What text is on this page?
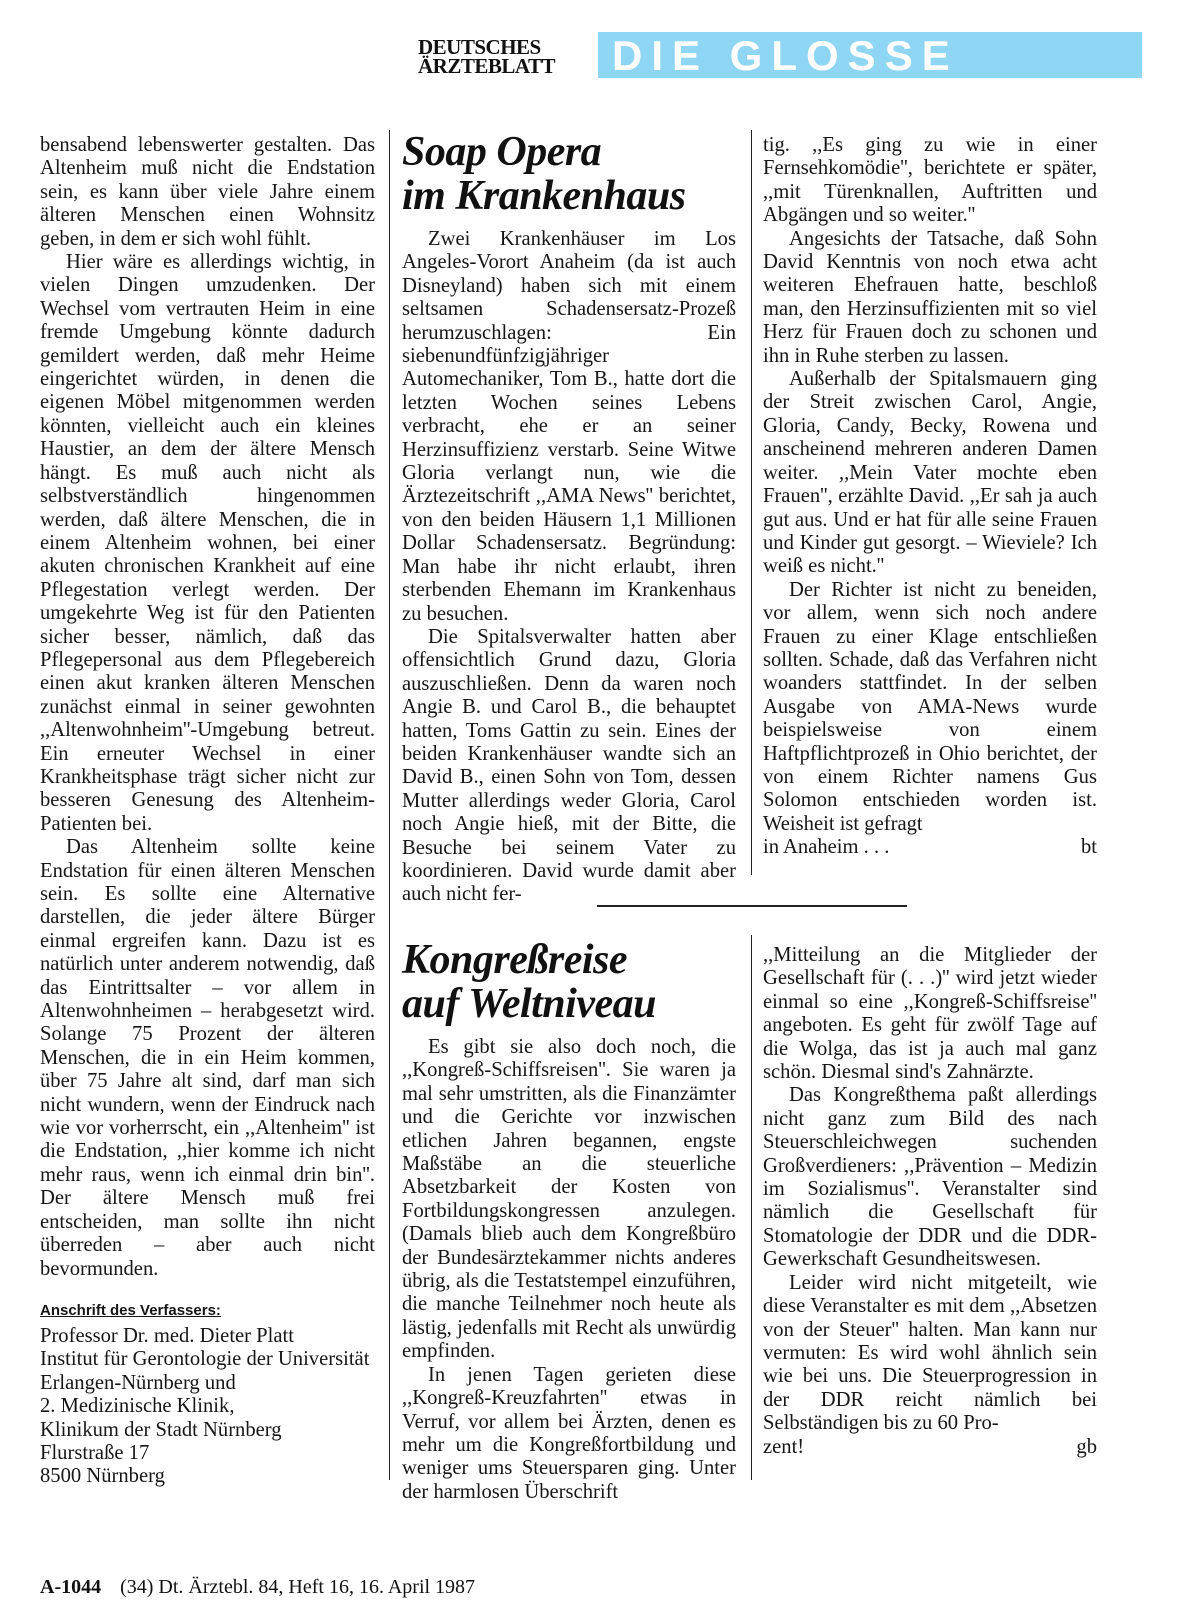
DEUTSCHES
ÄRZTEBLATT DIE GLOSSE

bensabend lebenswerter gestalten. Das Altenheim muß nicht die Endstation sein, es kann über viele Jahre einem älteren Menschen einen Wohnsitz geben, in dem er sich wohl fühlt.

Hier wäre es allerdings wichtig, in vielen Dingen umzudenken. Der Wechsel vom vertrauten Heim in eine fremde Umgebung könnte dadurch gemildert werden, daß mehr Heime eingerichtet würden, in denen die eigenen Möbel mitgenommen werden könnten, vielleicht auch ein kleines Haustier, an dem der ältere Mensch hängt. Es muß auch nicht als selbstverständlich hingenommen werden, daß ältere Menschen, die in einem Altenheim wohnen, bei einer akuten chronischen Krankheit auf eine Pflegestation verlegt werden. Der umgekehrte Weg ist für den Patienten sicher besser, nämlich, daß das Pflegepersonal aus dem Pflegebereich einen akut kranken älteren Menschen zunächst einmal in seiner gewohnten ,,Altenwohnheim''-Umgebung betreut. Ein erneuter Wechsel in einer Krankheitsphase trägt sicher nicht zur besseren Genesung des Altenheim-Patienten bei.

Das Altenheim sollte keine Endstation für einen älteren Menschen sein. Es sollte eine Alternative darstellen, die jeder ältere Bürger einmal ergreifen kann. Dazu ist es natürlich unter anderem notwendig, daß das Eintrittsalter – vor allem in Altenwohnheimen – herabgesetzt wird. Solange 75 Prozent der älteren Menschen, die in ein Heim kommen, über 75 Jahre alt sind, darf man sich nicht wundern, wenn der Eindruck nach wie vor vorherrscht, ein ,,Altenheim'' ist die Endstation, ,,hier komme ich nicht mehr raus, wenn ich einmal drin bin''. Der ältere Mensch muß frei entscheiden, man sollte ihn nicht überreden – aber auch nicht bevormunden.

Anschrift des Verfassers:
Professor Dr. med. Dieter Platt
Institut für Gerontologie der Universität Erlangen-Nürnberg und
2. Medizinische Klinik,
Klinikum der Stadt Nürnberg
Flurstraße 17
8500 Nürnberg
Soap Opera
im Krankenhaus

Zwei Krankenhäuser im Los Angeles-Vorort Anaheim (da ist auch Disneyland) haben sich mit einem seltsamen Schadensersatz-Prozeß herumzuschlagen: Ein siebenundfünfzigjähriger Automechaniker, Tom B., hatte dort die letzten Wochen seines Lebens verbracht, ehe er an seiner Herzinsuffizienz verstarb. Seine Witwe Gloria verlangt nun, wie die Ärztezeitschrift ,,AMA News'' berichtet, von den beiden Häusern 1,1 Millionen Dollar Schadensersatz. Begründung: Man habe ihr nicht erlaubt, ihren sterbenden Ehemann im Krankenhaus zu besuchen.

Die Spitalsverwalter hatten aber offensichtlich Grund dazu, Gloria auszuschließen. Denn da waren noch Angie B. und Carol B., die behauptet hatten, Toms Gattin zu sein. Eines der beiden Krankenhäuser wandte sich an David B., einen Sohn von Tom, dessen Mutter allerdings weder Gloria, Carol noch Angie hieß, mit der Bitte, die Besuche bei seinem Vater zu koordinieren. David wurde damit aber auch nicht fer-

tig. ,,Es ging zu wie in einer Fernsehkomödie'', berichtete er später, ,,mit Türenknallen, Auftritten und Abgängen und so weiter.''

Angesichts der Tatsache, daß Sohn David Kenntnis von noch etwa acht weiteren Ehefrauen hatte, beschloß man, den Herzinsuffizienten mit so viel Herz für Frauen doch zu schonen und ihn in Ruhe sterben zu lassen.

Außerhalb der Spitalsmauern ging der Streit zwischen Carol, Angie, Gloria, Candy, Becky, Rowena und anscheinend mehreren anderen Damen weiter. ,,Mein Vater mochte eben Frauen'', erzählte David. ,,Er sah ja auch gut aus. Und er hat für alle seine Frauen und Kinder gut gesorgt. – Wieviele? Ich weiß es nicht.''

Der Richter ist nicht zu beneiden, vor allem, wenn sich noch andere Frauen zu einer Klage entschließen sollten. Schade, daß das Verfahren nicht woanders stattfindet. In der selben Ausgabe von AMA-News wurde beispielsweise von einem Haftpflichtprozeß in Ohio berichtet, der von einem Richter namens Gus Solomon entschieden worden ist. Weisheit ist gefragt

in Anaheim . . .	bt
Kongreßreise
auf Weltniveau

Es gibt sie also doch noch, die ,,Kongreß-Schiffsreisen''. Sie waren ja mal sehr umstritten, als die Finanzämter und die Gerichte vor inzwischen etlichen Jahren begannen, engste Maßstäbe an die steuerliche Absetzbarkeit der Kosten von Fortbildungskongressen anzulegen. (Damals blieb auch dem Kongreßbüro der Bundesärztekammer nichts anderes übrig, als die Testatstempel einzuführen, die manche Teilnehmer noch heute als lästig, jedenfalls mit Recht als unwürdig empfinden.

In jenen Tagen gerieten diese ,,Kongreß-Kreuzfahrten'' etwas in Verruf, vor allem bei Ärzten, denen es mehr um die Kongreßfortbildung und weniger ums Steuersparen ging. Unter der harmlosen Überschrift

,,Mitteilung an die Mitglieder der Gesellschaft für (. . .)'' wird jetzt wieder einmal so eine ,,Kongreß-Schiffsreise'' angeboten. Es geht für zwölf Tage auf die Wolga, das ist ja auch mal ganz schön. Diesmal sind's Zahnärzte.

Das Kongreßthema paßt allerdings nicht ganz zum Bild des nach Steuerschleichwegen suchenden Großverdieners: ,,Prävention – Medizin im Sozialismus''. Veranstalter sind nämlich die Gesellschaft für Stomatologie der DDR und die DDR-Gewerkschaft Gesundheitswesen.

Leider wird nicht mitgeteilt, wie diese Veranstalter es mit dem ,,Absetzen von der Steuer'' halten. Man kann nur vermuten: Es wird wohl ähnlich sein wie bei uns. Die Steuerprogression in der DDR reicht nämlich bei Selbständigen bis zu 60 Pro-

zent!	gb
A-1044 (34) Dt. Ärztebl. 84, Heft 16, 16. April 1987
